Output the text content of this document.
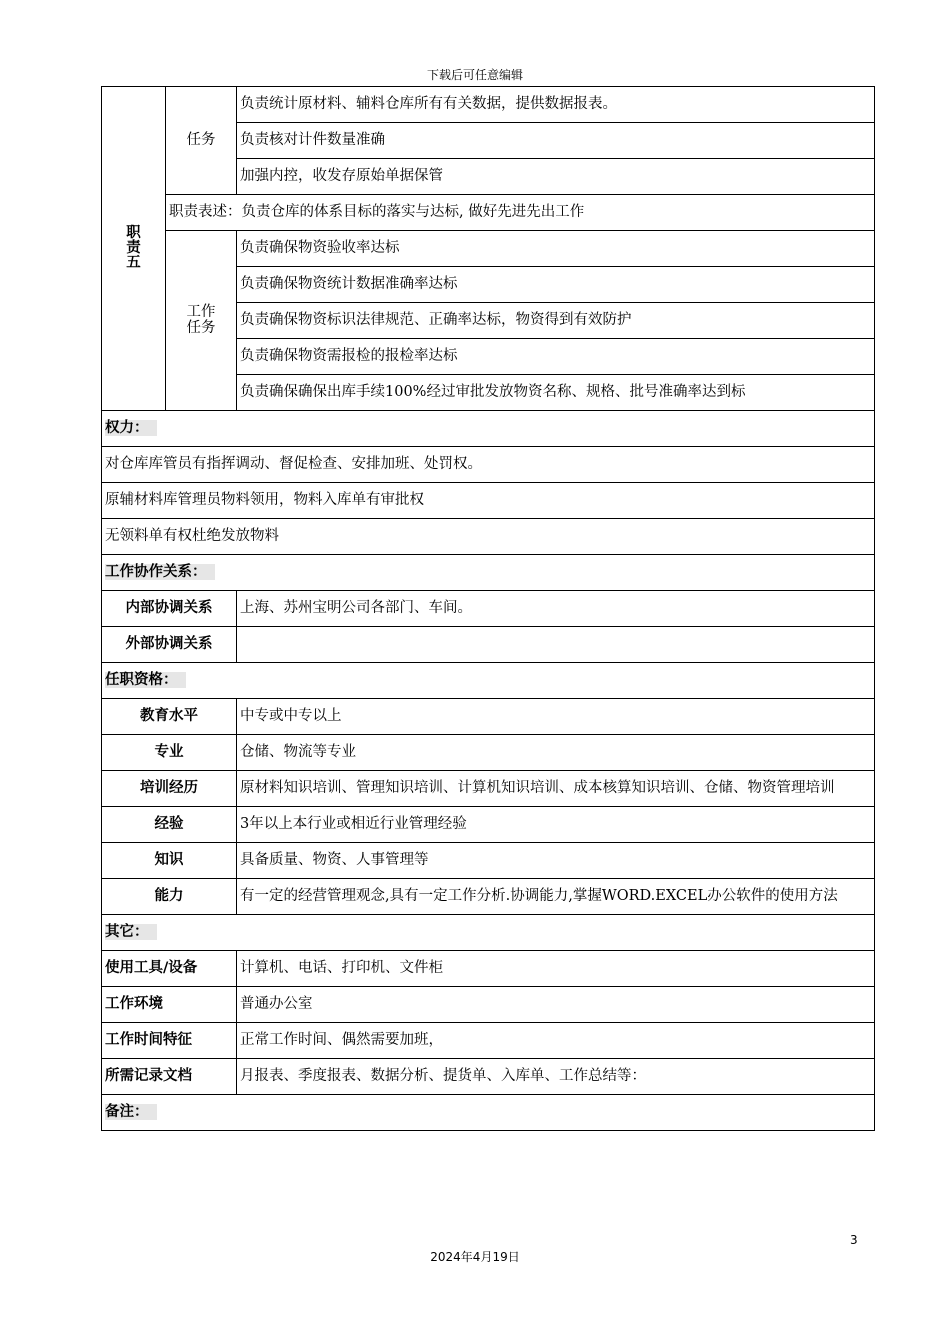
下载后可任意编辑
职责五	任务	负责统计原材料、辅料仓库所有有关数据，提供数据报表。
		负责核对计件数量准确
		加强内控，收发存原始单据保管
	职责表述：负责仓库的体系目标的落实与达标, 做好先进先出工作	

	工作任务	负责确保物资验收率达标
		负责确保物资统计数据准确率达标
		负责确保物资标识法律规范、正确率达标，物资得到有效防护
		负责确保物资需报检的报检率达标
		负责确保确保出库手续100%经过审批发放物资名称、规格、批号准确率达到标
权力：		
对仓库库管员有指挥调动、督促检查、安排加班、处罚权。		
原辅材料库管理员物料领用，物料入库单有审批权		
无领料单有权杜绝发放物料		
工作协作关系：		
内部协调关系		上海、苏州宝明公司各部门、车间。
外部协调关系		
任职资格：		
教育水平		中专或中专以上
专业		仓储、物流等专业
培训经历		原材料知识培训、管理知识培训、计算机知识培训、成本核算知识培训、仓储、物资管理培训
经验		3年以上本行业或相近行业管理经验
知识		具备质量、物资、人事管理等
能力		有一定的经营管理观念,具有一定工作分析.协调能力,掌握WORD.EXCEL办公软件的使用方法
其它：		
使用工具/设备		计算机、电话、打印机、文件柜
工作环境		普通办公室
工作时间特征		正常工作时间、偶然需要加班，
所需记录文档		月报表、季度报表、数据分析、提货单、入库单、工作总结等：
备注：		
3
2024年4月19日
